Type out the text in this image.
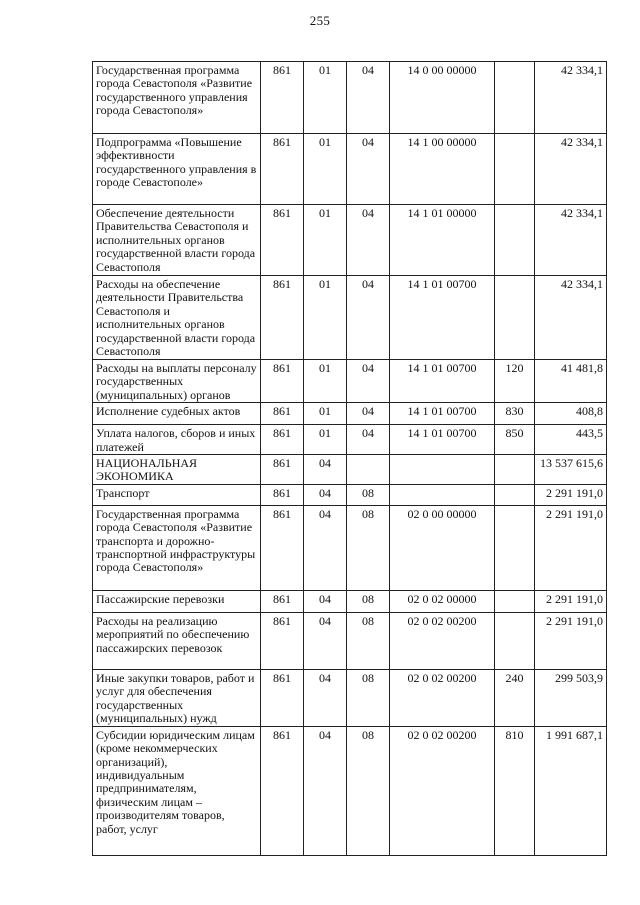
255
Государственная программа города Севастополя «Развитие государственного управления города Севастополя»	861	01	04	14 0 00 00000		42 334,1
Подпрограмма «Повышение эффективности государственного управления в городе Севастополе»	861	01	04	14 1 00 00000		42 334,1
Обеспечение деятельности Правительства Севастополя и исполнительных органов государственной власти города Севастополя	861	01	04	14 1 01 00000		42 334,1
Расходы на обеспечение деятельности Правительства Севастополя и исполнительных органов государственной власти города Севастополя	861	01	04	14 1 01 00700		42 334,1
Расходы на выплаты персоналу государственных (муниципальных) органов	861	01	04	14 1 01 00700	120	41 481,8
Исполнение судебных актов	861	01	04	14 1 01 00700	830	408,8
Уплата налогов, сборов и иных платежей	861	01	04	14 1 01 00700	850	443,5
НАЦИОНАЛЬНАЯ ЭКОНОМИКА	861	04				13 537 615,6
Транспорт	861	04	08			2 291 191,0
Государственная программа города Севастополя «Развитие транспорта и дорожно-транспортной инфраструктуры города Севастополя»	861	04	08	02 0 00 00000		2 291 191,0
Пассажирские перевозки	861	04	08	02 0 02 00000		2 291 191,0
Расходы на реализацию мероприятий по обеспечению пассажирских перевозок	861	04	08	02 0 02 00200		2 291 191,0
Иные закупки товаров, работ и услуг для обеспечения государственных (муниципальных) нужд	861	04	08	02 0 02 00200	240	299 503,9
Субсидии юридическим лицам (кроме некоммерческих организаций), индивидуальным предпринимателям, физическим лицам – производителям товаров, работ, услуг	861	04	08	02 0 02 00200	810	1 991 687,1
